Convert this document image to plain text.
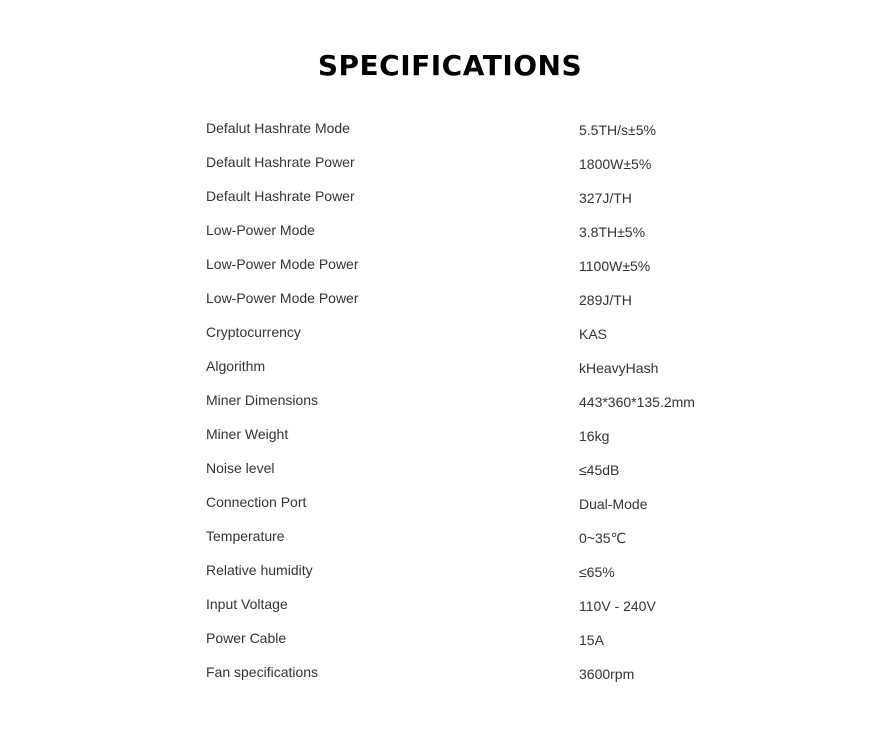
SPECIFICATIONS
Defalut Hashrate Mode	5.5TH/s±5%
Default Hashrate Power	1800W±5%
Default Hashrate Power	327J/TH
Low-Power Mode	3.8TH±5%
Low-Power Mode Power	1100W±5%
Low-Power Mode Power	289J/TH
Cryptocurrency	KAS
Algorithm	kHeavyHash
Miner Dimensions	443*360*135.2mm
Miner Weight	16kg
Noise level	≤45dB
Connection Port	Dual-Mode
Temperature	0~35℃
Relative humidity	≤65%
Input Voltage	110V - 240V
Power Cable	15A
Fan specifications	3600rpm
